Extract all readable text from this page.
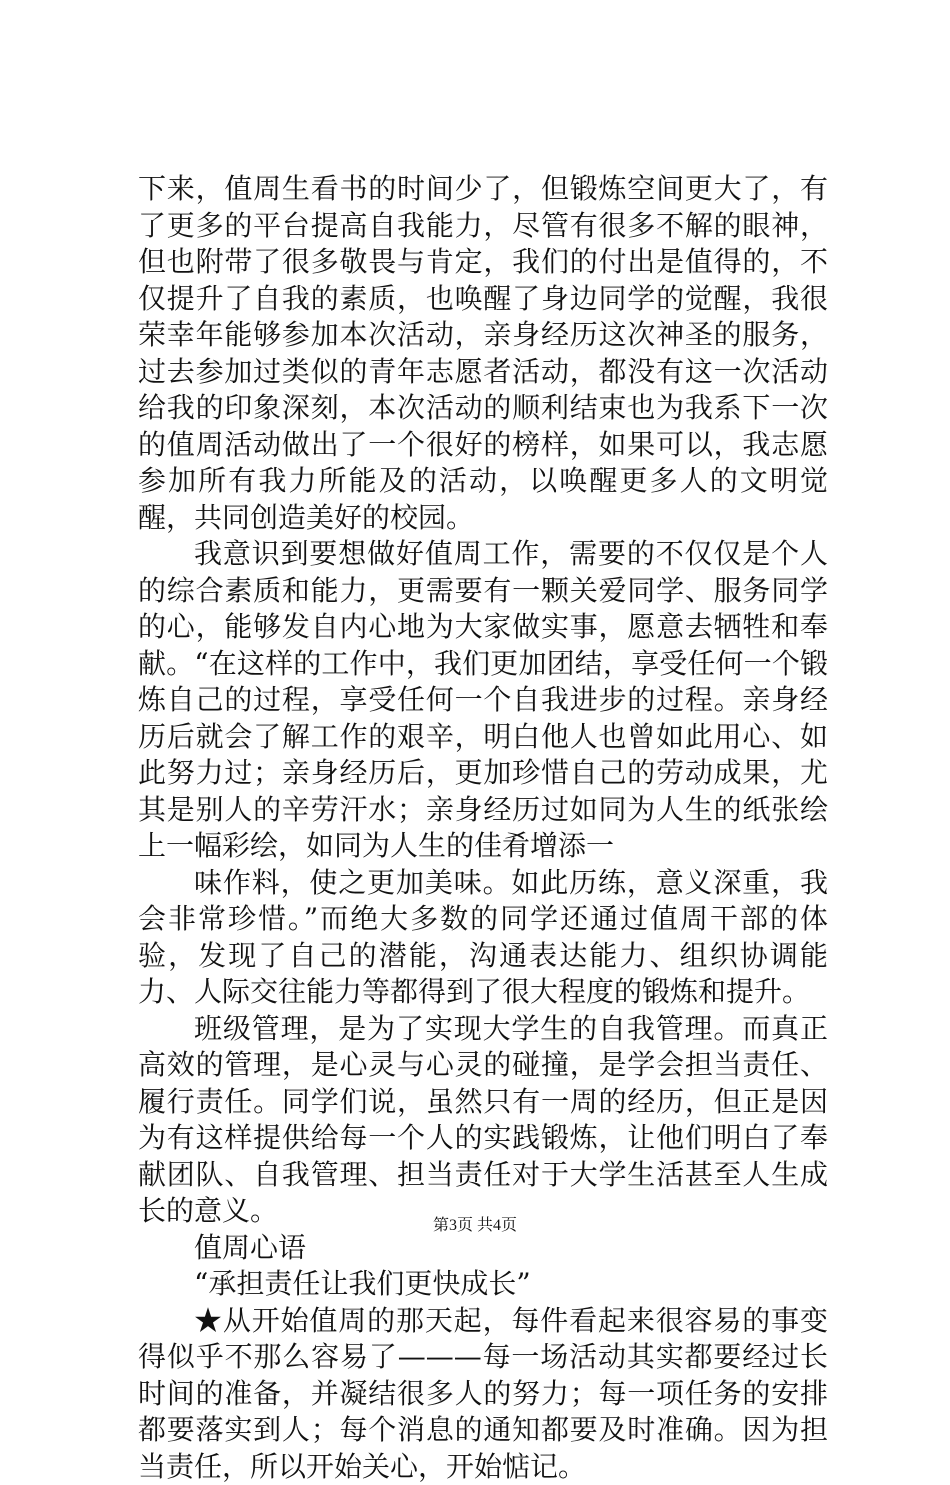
下来，值周生看书的时间少了，但锻炼空间更大了，有了更多的平台提高自我能力，尽管有很多不解的眼神，但也附带了很多敬畏与肯定，我们的付出是值得的，不仅提升了自我的素质，也唤醒了身边同学的觉醒，我很荣幸年能够参加本次活动，亲身经历这次神圣的服务，过去参加过类似的青年志愿者活动，都没有这一次活动给我的印象深刻，本次活动的顺利结束也为我系下一次的值周活动做出了一个很好的榜样，如果可以，我志愿参加所有我力所能及的活动，以唤醒更多人的文明觉醒，共同创造美好的校园。

我意识到要想做好值周工作，需要的不仅仅是个人的综合素质和能力，更需要有一颗关爱同学、服务同学的心，能够发自内心地为大家做实事，愿意去牺牲和奉献。“在这样的工作中，我们更加团结，享受任何一个锻炼自己的过程，享受任何一个自我进步的过程。亲身经历后就会了解工作的艰辛，明白他人也曾如此用心、如此努力过；亲身经历后，更加珍惜自己的劳动成果，尤其是别人的辛劳汗水；亲身经历过如同为人生的纸张绘上一幅彩绘，如同为人生的佳肴增添一

味作料，使之更加美味。如此历练，意义深重，我会非常珍惜。”而绝大多数的同学还通过值周干部的体验，发现了自己的潜能，沟通表达能力、组织协调能力、人际交往能力等都得到了很大程度的锻炼和提升。

班级管理，是为了实现大学生的自我管理。而真正高效的管理，是心灵与心灵的碰撞，是学会担当责任、履行责任。同学们说，虽然只有一周的经历，但正是因为有这样提供给每一个人的实践锻炼，让他们明白了奉献团队、自我管理、担当责任对于大学生活甚至人生成长的意义。

值周心语

“承担责任让我们更快成长”

★从开始值周的那天起，每件看起来很容易的事变得似乎不那么容易了———每一场活动其实都要经过长时间的准备，并凝结很多人的努力；每一项任务的安排都要落实到人；每个消息的通知都要及时准确。因为担当责任，所以开始关心，开始惦记。

第3页 共4页
